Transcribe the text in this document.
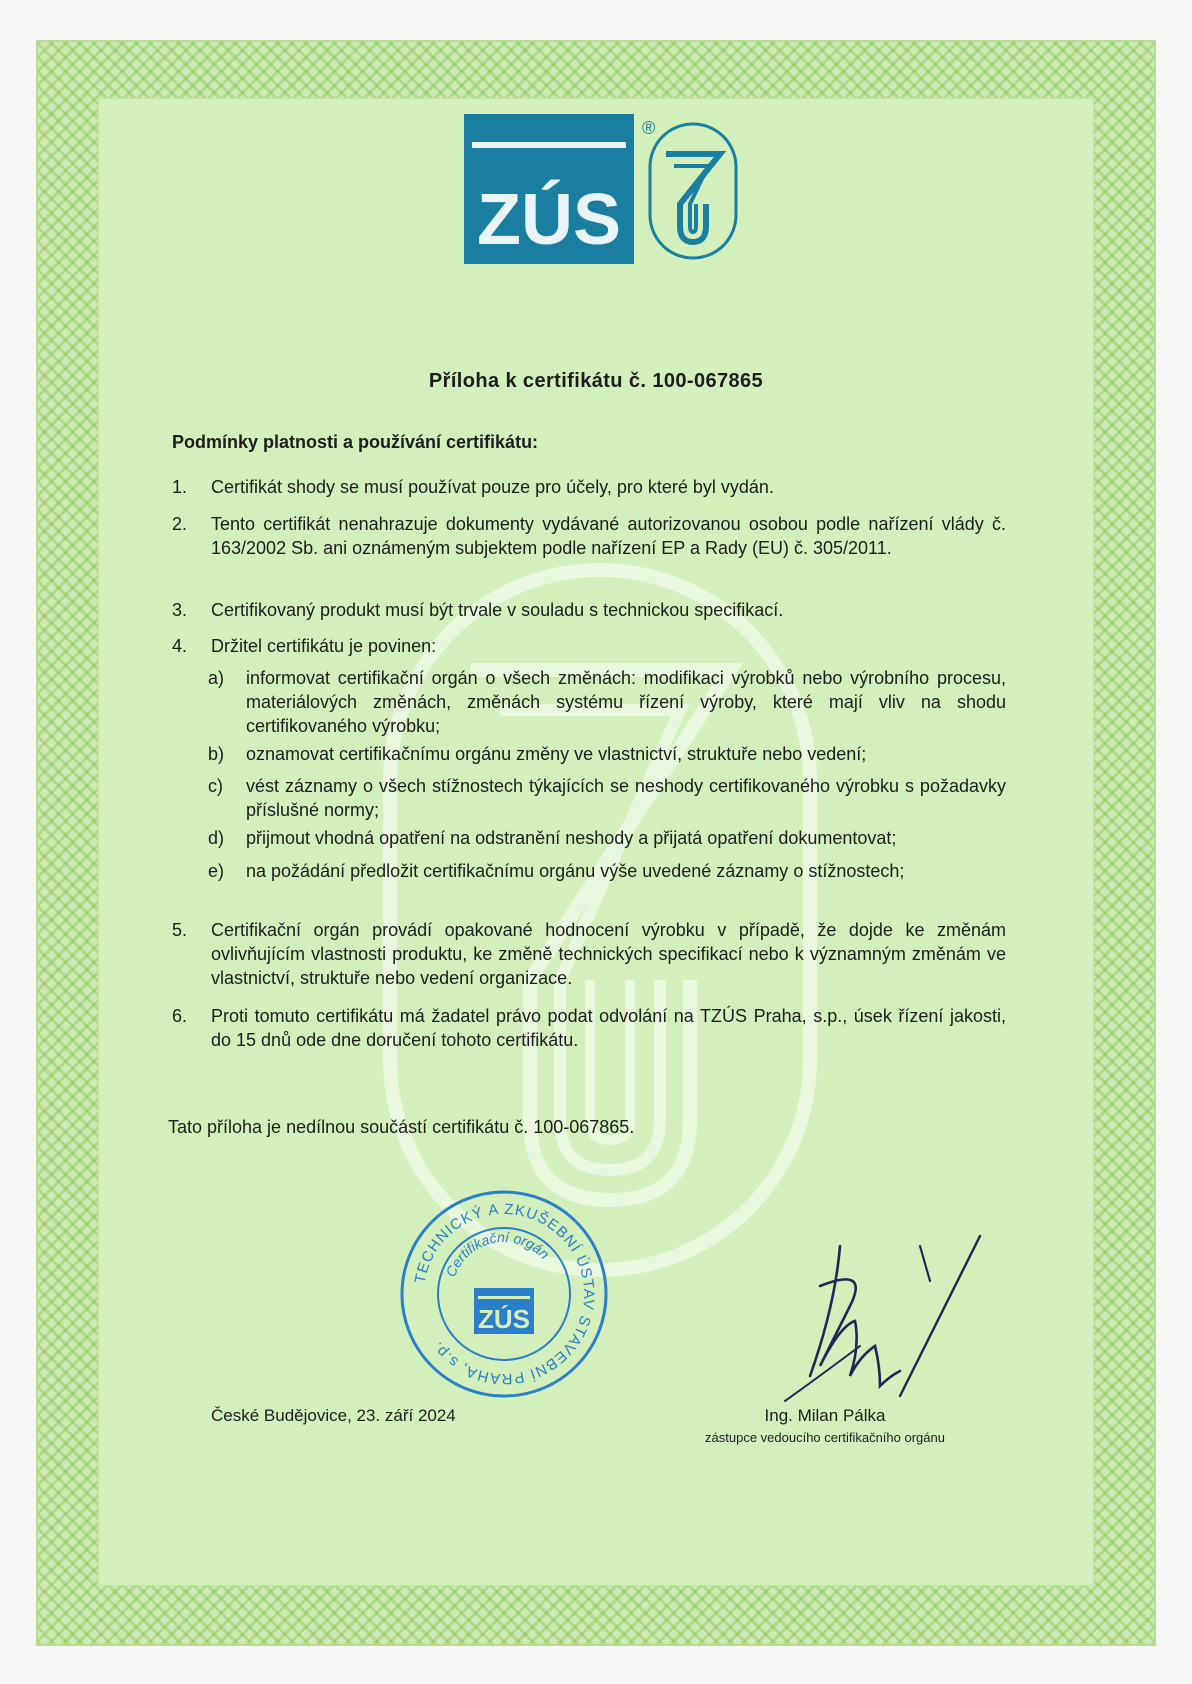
ZÚS
®
Příloha k certifikátu č. 100-067865
Podmínky platnosti a používání certifikátu:
1.	Certifikát shody se musí používat pouze pro účely, pro které byl vydán.
2.	Tento certifikát nenahrazuje dokumenty vydávané autorizovanou osobou podle nařízení vlády č. 163/2002 Sb. ani oznámeným subjektem podle nařízení EP a Rady (EU) č. 305/2011.
3.	Certifikovaný produkt musí být trvale v souladu s technickou specifikací.
4.	Držitel certifikátu je povinen:
a)	informovat certifikační orgán o všech změnách: modifikaci výrobků nebo výrobního procesu, materiálových změnách, změnách systému řízení výroby, které mají vliv na shodu certifikovaného výrobku;
b)	oznamovat certifikačnímu orgánu změny ve vlastnictví, struktuře nebo vedení;
c)	vést záznamy o všech stížnostech týkajících se neshody certifikovaného výrobku s požadavky příslušné normy;
d)	přijmout vhodná opatření na odstranění neshody a přijatá opatření dokumentovat;
e)	na požádání předložit certifikačnímu orgánu výše uvedené záznamy o stížnostech;
5.	Certifikační orgán provádí opakované hodnocení výrobku v případě, že dojde ke změnám ovlivňujícím vlastnosti produktu, ke změně technických specifikací nebo k významným změnám ve vlastnictví, struktuře nebo vedení organizace.
6.	Proti tomuto certifikátu má žadatel právo podat odvolání na TZÚS Praha, s.p., úsek řízení jakosti, do 15 dnů ode dne doručení tohoto certifikátu.
Tato příloha je nedílnou součástí certifikátu č. 100-067865.
TECHNICKÝ A ZKUŠEBNÍ ÚSTAV STAVEBNÍ PRAHA, s.p.
Certifikační orgán
ZÚS
České Budějovice, 23. září 2024	Ing. Milan Pálka
zástupce vedoucího certifikačního orgánu
